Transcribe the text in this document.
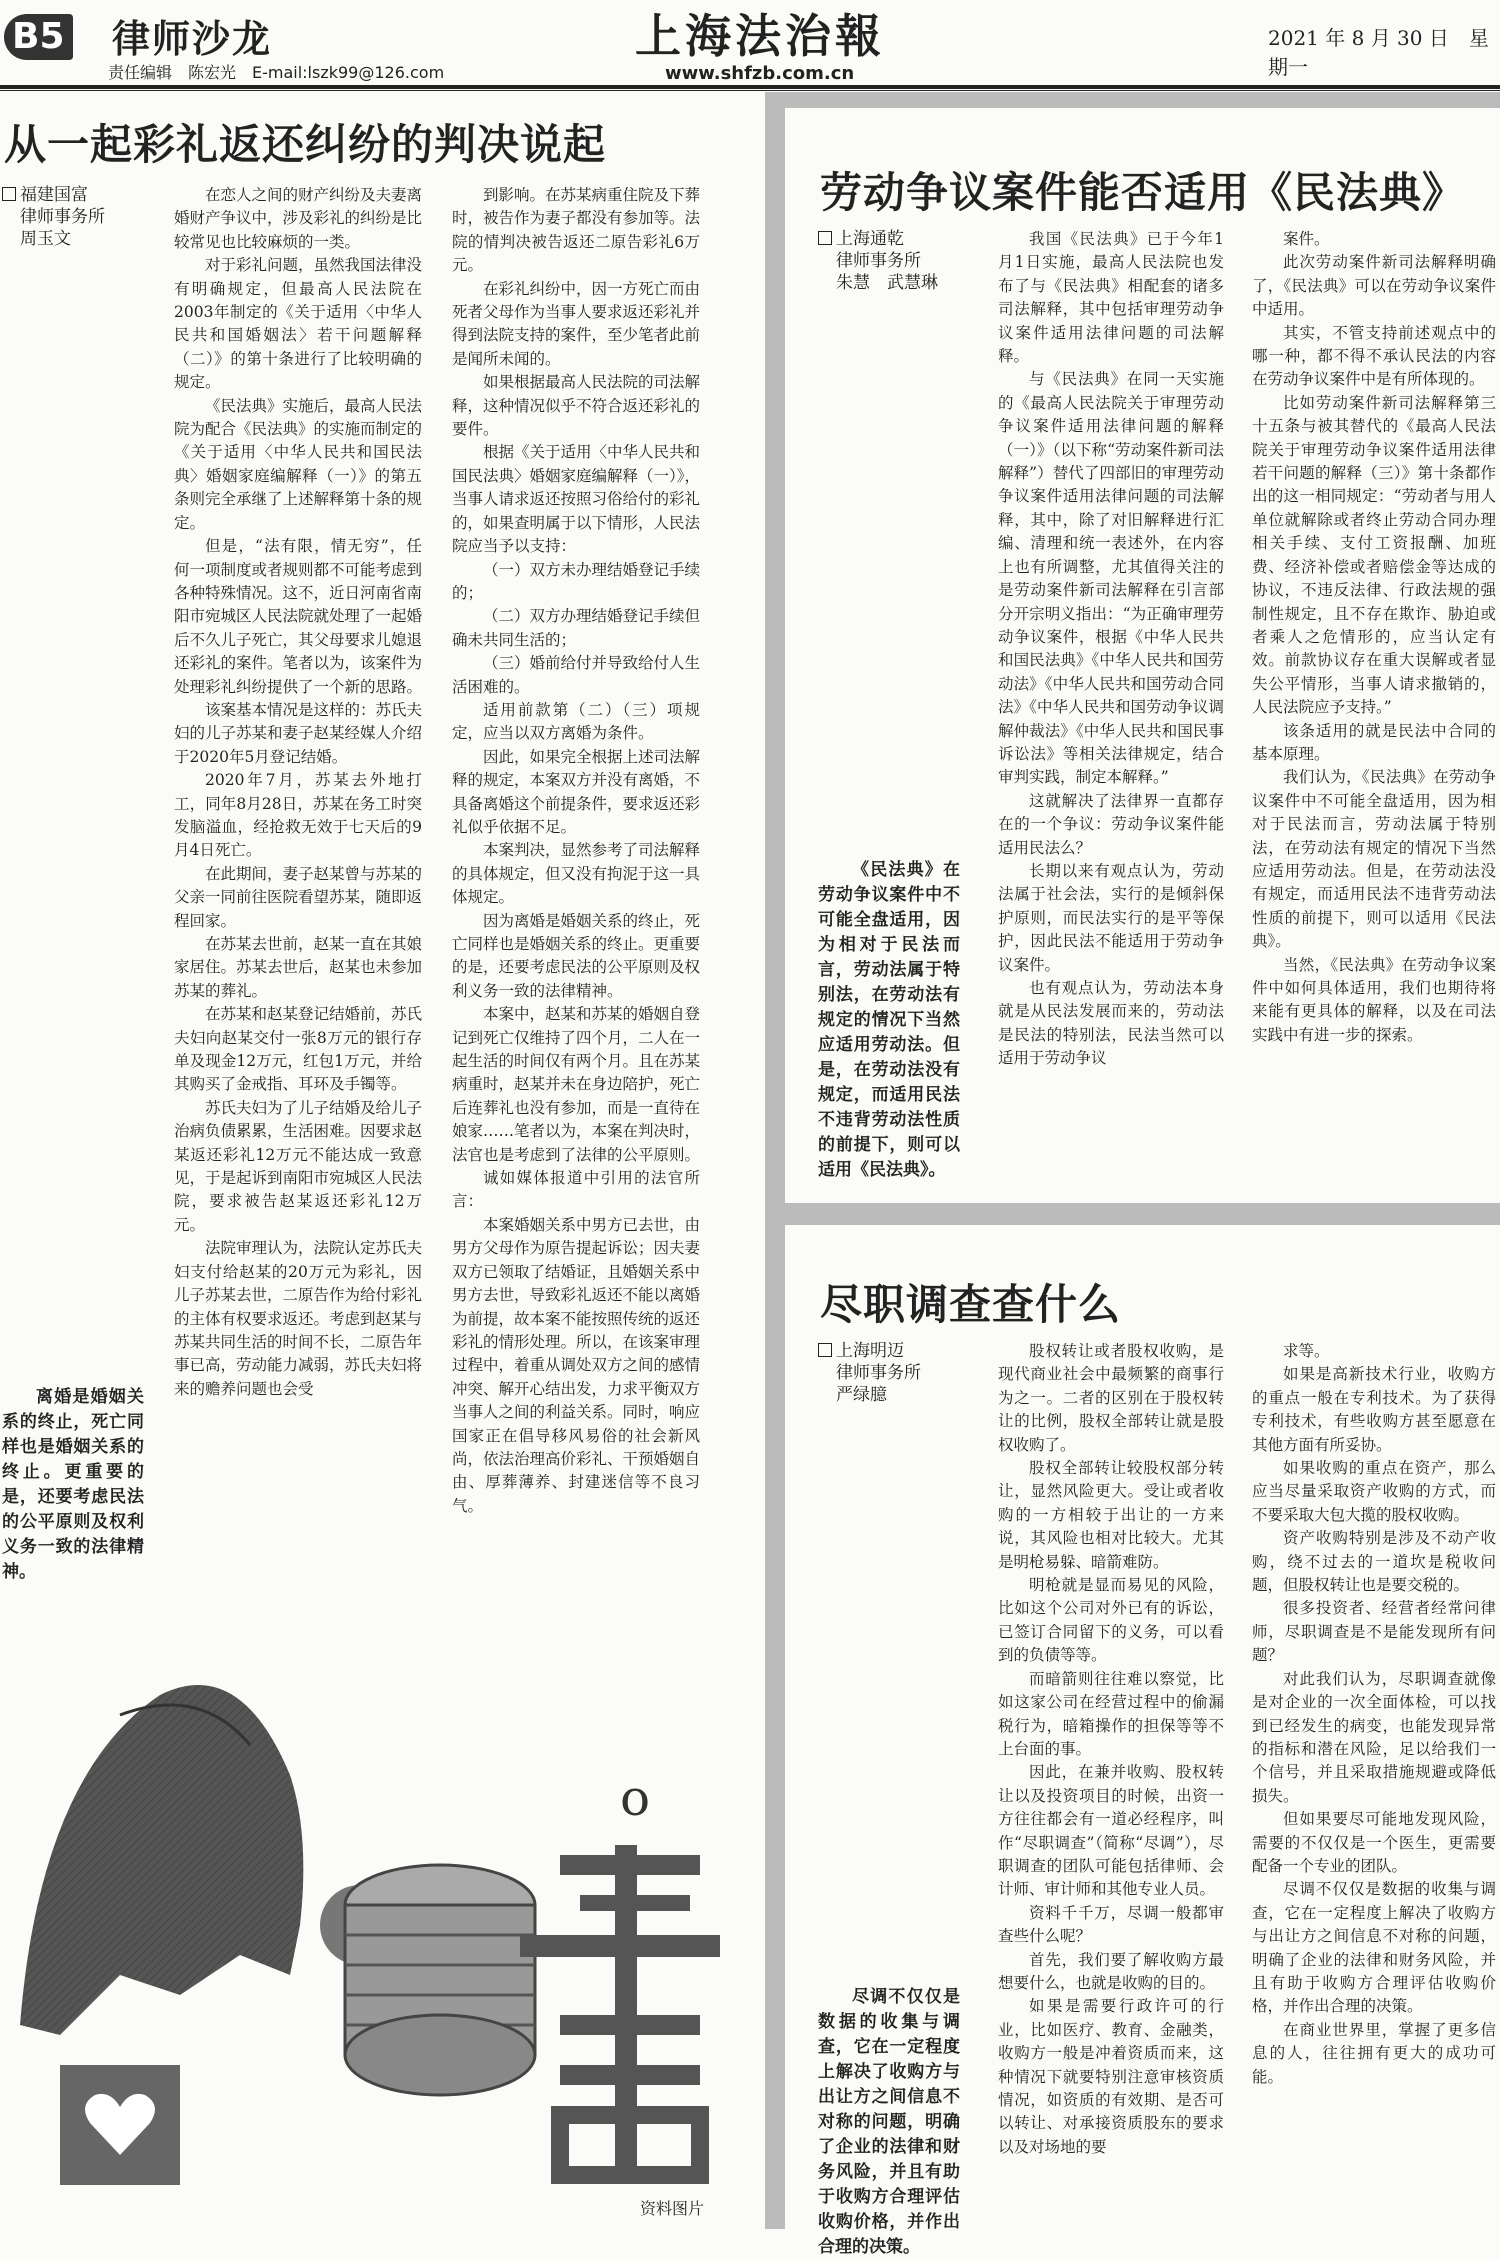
B5 律师沙龙
责任编辑　陈宏光　E-mail:lszk99@126.com
上海法治報
www.shfzb.com.cn
2021 年 8 月 30 日　星期一
从一起彩礼返还纠纷的判决说起
福建国富
律师事务所
周玉文

离婚是婚姻关系的终止，死亡同样也是婚姻关系的终止。更重要的是，还要考虑民法的公平原则及权利义务一致的法律精神。

在恋人之间的财产纠纷及夫妻离婚财产争议中，涉及彩礼的纠纷是比较常见也比较麻烦的一类。

对于彩礼问题，虽然我国法律没有明确规定，但最高人民法院在2003年制定的《关于适用〈中华人民共和国婚姻法〉若干问题解释（二）》的第十条进行了比较明确的规定。

《民法典》实施后，最高人民法院为配合《民法典》的实施而制定的《关于适用〈中华人民共和国民法典〉婚姻家庭编解释（一）》的第五条则完全承继了上述解释第十条的规定。

但是，“法有限，情无穷”，任何一项制度或者规则都不可能考虑到各种特殊情况。这不，近日河南省南阳市宛城区人民法院就处理了一起婚后不久儿子死亡，其父母要求儿媳退还彩礼的案件。笔者以为，该案件为处理彩礼纠纷提供了一个新的思路。

该案基本情况是这样的：苏氏夫妇的儿子苏某和妻子赵某经媒人介绍于2020年5月登记结婚。

2020年7月，苏某去外地打工，同年8月28日，苏某在务工时突发脑溢血，经抢救无效于七天后的9月4日死亡。

在此期间，妻子赵某曾与苏某的父亲一同前往医院看望苏某，随即返程回家。

在苏某去世前，赵某一直在其娘家居住。苏某去世后，赵某也未参加苏某的葬礼。

在苏某和赵某登记结婚前，苏氏夫妇向赵某交付一张8万元的银行存单及现金12万元，红包1万元，并给其购买了金戒指、耳环及手镯等。

苏氏夫妇为了儿子结婚及给儿子治病负债累累，生活困难。因要求赵某返还彩礼12万元不能达成一致意见，于是起诉到南阳市宛城区人民法院，要求被告赵某返还彩礼12万元。

法院审理认为，法院认定苏氏夫妇支付给赵某的20万元为彩礼，因儿子苏某去世，二原告作为给付彩礼的主体有权要求返还。考虑到赵某与苏某共同生活的时间不长，二原告年事已高，劳动能力减弱，苏氏夫妇将来的赡养问题也会受

到影响。在苏某病重住院及下葬时，被告作为妻子都没有参加等。法院的情判决被告返还二原告彩礼6万元。

在彩礼纠纷中，因一方死亡而由死者父母作为当事人要求返还彩礼并得到法院支持的案件，至少笔者此前是闻所未闻的。

如果根据最高人民法院的司法解释，这种情况似乎不符合返还彩礼的要件。

根据《关于适用〈中华人民共和国民法典〉婚姻家庭编解释（一）》，当事人请求返还按照习俗给付的彩礼的，如果查明属于以下情形，人民法院应当予以支持：

（一）双方未办理结婚登记手续的；

（二）双方办理结婚登记手续但确未共同生活的；

（三）婚前给付并导致给付人生活困难的。

适用前款第（二）（三）项规定，应当以双方离婚为条件。

因此，如果完全根据上述司法解释的规定，本案双方并没有离婚，不具备离婚这个前提条件，要求返还彩礼似乎依据不足。

本案判决，显然参考了司法解释的具体规定，但又没有拘泥于这一具体规定。

因为离婚是婚姻关系的终止，死亡同样也是婚姻关系的终止。更重要的是，还要考虑民法的公平原则及权利义务一致的法律精神。

本案中，赵某和苏某的婚姻自登记到死亡仅维持了四个月，二人在一起生活的时间仅有两个月。且在苏某病重时，赵某并未在身边陪护，死亡后连葬礼也没有参加，而是一直待在娘家……笔者以为，本案在判决时，法官也是考虑到了法律的公平原则。

诚如媒体报道中引用的法官所言：

本案婚姻关系中男方已去世，由男方父母作为原告提起诉讼；因夫妻双方已领取了结婚证，且婚姻关系中男方去世，导致彩礼返还不能以离婚为前提，故本案不能按照传统的返还彩礼的情形处理。所以，在该案审理过程中，着重从调处双方之间的感情冲突、解开心结出发，力求平衡双方当事人之间的利益关系。同时，响应国家正在倡导移风易俗的社会新风尚，依法治理高价彩礼、干预婚姻自由、厚葬薄养、封建迷信等不良习气。

o
资料图片
劳动争议案件能否适用《民法典》
上海通乾
律师事务所
朱慧　武慧琳

《民法典》在劳动争议案件中不可能全盘适用，因为相对于民法而言，劳动法属于特别法，在劳动法有规定的情况下当然应适用劳动法。但是，在劳动法没有规定，而适用民法不违背劳动法性质的前提下，则可以适用《民法典》。

我国《民法典》已于今年1月1日实施，最高人民法院也发布了与《民法典》相配套的诸多司法解释，其中包括审理劳动争议案件适用法律问题的司法解释。

与《民法典》在同一天实施的《最高人民法院关于审理劳动争议案件适用法律问题的解释（一）》（以下称“劳动案件新司法解释”）替代了四部旧的审理劳动争议案件适用法律问题的司法解释，其中，除了对旧解释进行汇编、清理和统一表述外，在内容上也有所调整，尤其值得关注的是劳动案件新司法解释在引言部分开宗明义指出：“为正确审理劳动争议案件，根据《中华人民共和国民法典》《中华人民共和国劳动法》《中华人民共和国劳动合同法》《中华人民共和国劳动争议调解仲裁法》《中华人民共和国民事诉讼法》等相关法律规定，结合审判实践，制定本解释。”

这就解决了法律界一直都存在的一个争议：劳动争议案件能适用民法么？

长期以来有观点认为，劳动法属于社会法，实行的是倾斜保护原则，而民法实行的是平等保护，因此民法不能适用于劳动争议案件。

也有观点认为，劳动法本身就是从民法发展而来的，劳动法是民法的特别法，民法当然可以适用于劳动争议

案件。

此次劳动案件新司法解释明确了，《民法典》可以在劳动争议案件中适用。

其实，不管支持前述观点中的哪一种，都不得不承认民法的内容在劳动争议案件中是有所体现的。

比如劳动案件新司法解释第三十五条与被其替代的《最高人民法院关于审理劳动争议案件适用法律若干问题的解释（三）》第十条都作出的这一相同规定：“劳动者与用人单位就解除或者终止劳动合同办理相关手续、支付工资报酬、加班费、经济补偿或者赔偿金等达成的协议，不违反法律、行政法规的强制性规定，且不存在欺诈、胁迫或者乘人之危情形的，应当认定有效。前款协议存在重大误解或者显失公平情形，当事人请求撤销的，人民法院应予支持。”

该条适用的就是民法中合同的基本原理。

我们认为，《民法典》在劳动争议案件中不可能全盘适用，因为相对于民法而言，劳动法属于特别法，在劳动法有规定的情况下当然应适用劳动法。但是，在劳动法没有规定，而适用民法不违背劳动法性质的前提下，则可以适用《民法典》。

当然，《民法典》在劳动争议案件中如何具体适用，我们也期待将来能有更具体的解释，以及在司法实践中有进一步的探索。

尽职调查查什么
上海明迈
律师事务所
严绿臆

尽调不仅仅是数据的收集与调查，它在一定程度上解决了收购方与出让方之间信息不对称的问题，明确了企业的法律和财务风险，并且有助于收购方合理评估收购价格，并作出合理的决策。

股权转让或者股权收购，是现代商业社会中最频繁的商事行为之一。二者的区别在于股权转让的比例，股权全部转让就是股权收购了。

股权全部转让较股权部分转让，显然风险更大。受让或者收购的一方相较于出让的一方来说，其风险也相对比较大。尤其是明枪易躲、暗箭难防。

明枪就是显而易见的风险，比如这个公司对外已有的诉讼，已签订合同留下的义务，可以看到的负债等等。

而暗箭则往往难以察觉，比如这家公司在经营过程中的偷漏税行为，暗箱操作的担保等等不上台面的事。

因此，在兼并收购、股权转让以及投资项目的时候，出资一方往往都会有一道必经程序，叫作“尽职调查”（简称“尽调”），尽职调查的团队可能包括律师、会计师、审计师和其他专业人员。

资料千千万，尽调一般都审查些什么呢？

首先，我们要了解收购方最想要什么，也就是收购的目的。

如果是需要行政许可的行业，比如医疗、教育、金融类，收购方一般是冲着资质而来，这种情况下就要特别注意审核资质情况，如资质的有效期、是否可以转让、对承接资质股东的要求以及对场地的要

求等。

如果是高新技术行业，收购方的重点一般在专利技术。为了获得专利技术，有些收购方甚至愿意在其他方面有所妥协。

如果收购的重点在资产，那么应当尽量采取资产收购的方式，而不要采取大包大揽的股权收购。

资产收购特别是涉及不动产收购，绕不过去的一道坎是税收问题，但股权转让也是要交税的。

很多投资者、经营者经常问律师，尽职调查是不是能发现所有问题？

对此我们认为，尽职调查就像是对企业的一次全面体检，可以找到已经发生的病变，也能发现异常的指标和潜在风险，足以给我们一个信号，并且采取措施规避或降低损失。

但如果要尽可能地发现风险，需要的不仅仅是一个医生，更需要配备一个专业的团队。

尽调不仅仅是数据的收集与调查，它在一定程度上解决了收购方与出让方之间信息不对称的问题，明确了企业的法律和财务风险，并且有助于收购方合理评估收购价格，并作出合理的决策。

在商业世界里，掌握了更多信息的人，往往拥有更大的成功可能。
